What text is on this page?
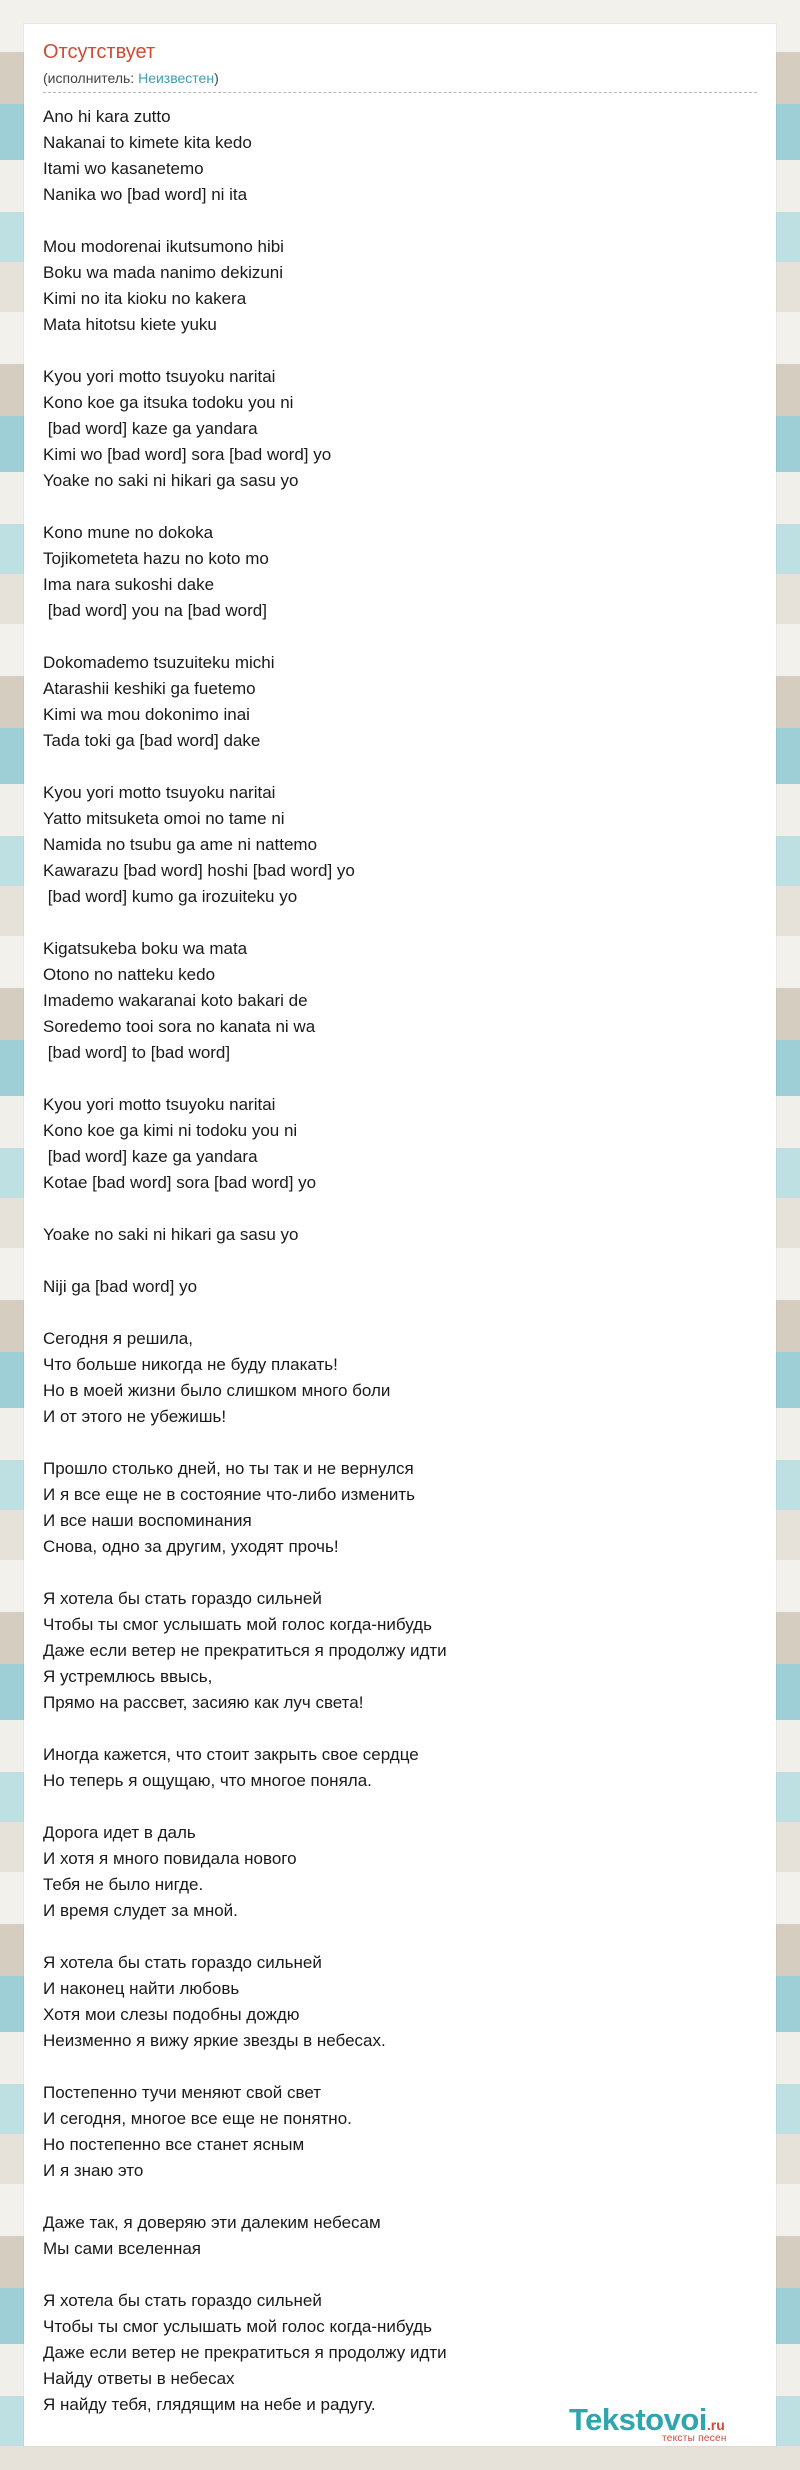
Отсутствует
(исполнитель: Неизвестен)
Ano hi kara zutto
Nakanai to kimete kita kedo
Itami wo kasanetemo
Nanika wo [bad word] ni ita
Mou modorenai ikutsumono hibi
Boku wa mada nanimo dekizuni
Kimi no ita kioku no kakera
Mata hitotsu kiete yuku
Kyou yori motto tsuyoku naritai
Kono koe ga itsuka todoku you ni
[bad word] kaze ga yandara
Kimi wo [bad word] sora [bad word] yo
Yoake no saki ni hikari ga sasu yo
Kono mune no dokoka
Tojikometeta hazu no koto mo
Ima nara sukoshi dake
[bad word] you na [bad word]
Dokomademo tsuzuiteku michi
Atarashii keshiki ga fuetemo
Kimi wa mou dokonimo inai
Tada toki ga [bad word] dake
Kyou yori motto tsuyoku naritai
Yatto mitsuketa omoi no tame ni
Namida no tsubu ga ame ni nattemo
Kawarazu [bad word] hoshi [bad word] yo
[bad word] kumo ga irozuiteku yo
Kigatsukeba boku wa mata
Otono no natteku kedo
Imademo wakaranai koto bakari de
Soredemo tooi sora no kanata ni wa
[bad word] to [bad word]
Kyou yori motto tsuyoku naritai
Kono koe ga kimi ni todoku you ni
[bad word] kaze ga yandara
Kotae [bad word] sora [bad word] yo
Yoake no saki ni hikari ga sasu yo
Niji ga [bad word] yo
Сегодня я решила,
Что больше никогда не буду плакать!
Но в моей жизни было слишком много боли
И от этого не убежишь!
Прошло столько дней, но ты так и не вернулся
И я все еще не в состояние что-либо изменить
И все наши воспоминания
Снова, одно за другим, уходят прочь!
Я хотела бы стать гораздо сильней
Чтобы ты смог услышать мой голос когда-нибудь
Даже если ветер не прекратиться я продолжу идти
Я устремлюсь ввысь,
Прямо на рассвет, засияю как луч света!
Иногда кажется, что стоит закрыть свое сердце
Но теперь я ощущаю, что многое поняла.
Дорога идет в даль
И хотя я много повидала нового
Тебя не было нигде.
И время слудет за мной.
Я хотела бы стать гораздо сильней
И наконец найти любовь
Хотя мои слезы подобны дождю
Неизменно я вижу яркие звезды в небесах.
Постепенно тучи меняют свой свет
И сегодня, многое все еще не понятно.
Но постепенно все станет ясным
И я знаю это
Даже так, я доверяю эти далеким небесам
Мы сами вселенная
Я хотела бы стать гораздо сильней
Чтобы ты смог услышать мой голос когда-нибудь
Даже если ветер не прекратиться я продолжу идти
Найду ответы в небесах
Я найду тебя, глядящим на небе и радугу.	Tekstovoi.ru
тексты песен
